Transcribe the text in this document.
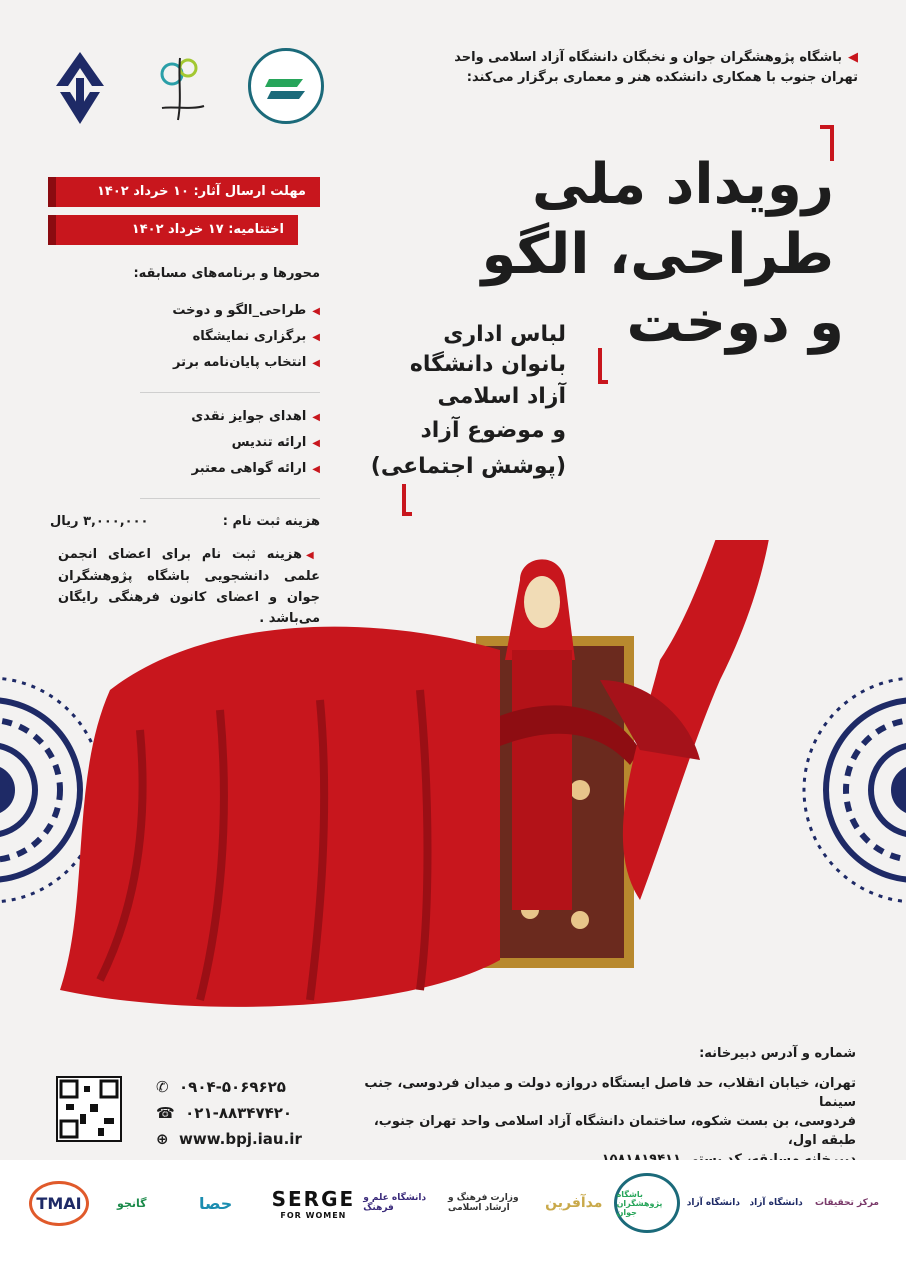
◀باشگاه پژوهشگران جوان و نخبگان دانشگاه آزاد اسلامی واحد
تهران جنوب با همکاری دانشکده هنر و معماری برگزار می‌کند:
مهلت ارسال آثار: ۱۰ خرداد ۱۴۰۲
اختتامیه: ۱۷ خرداد ۱۴۰۲
محورها و برنامه‌های مسابقه:
◀طراحی_الگو و دوخت
◀برگزاری نمایشگاه
◀انتخاب پایان‌نامه برتر
◀اهدای جوایز نقدی
◀ارائه تندیس
◀ارائه گواهی معتبر
هزینه ثبت نام :
۳,۰۰۰,۰۰۰ ریال
◀هزینه ثبت نام برای اعضای انجمن علمی دانشجویی باشگاه پژوهشگران جوان و اعضای کانون فرهنگی رایگان می‌باشد .
رویداد ملی
طراحی، الگو
و دوخت
لباس اداری
بانوان دانشگاه
آزاد اسلامی
و موضوع آزاد
(پوشش اجتماعی)
شماره و آدرس دبیرخانه:
تهران، خیابان انقلاب، حد فاصل ایستگاه دروازه دولت و میدان فردوسی، جنب سینما
فردوسی، بن بست شکوه، ساختمان دانشگاه آزاد اسلامی واحد تهران جنوب، طبقه اول،
✆ ۰۹۰۴-۵۰۶۹۶۲۵
☎ ۰۲۱-۸۸۳۴۷۴۲۰
⊕ www.bpj.iau.ir
TMAI	گانجو	حصا SERGE
FOR WOMEN
دانشگاه علم و فرهنگ
وزارت فرهنگ و ارشاد اسلامی	مدآفرین
باشگاه پژوهشگران جوان
دانشگاه آزاد دانشگاه آزاد مرکز تحقیقات
